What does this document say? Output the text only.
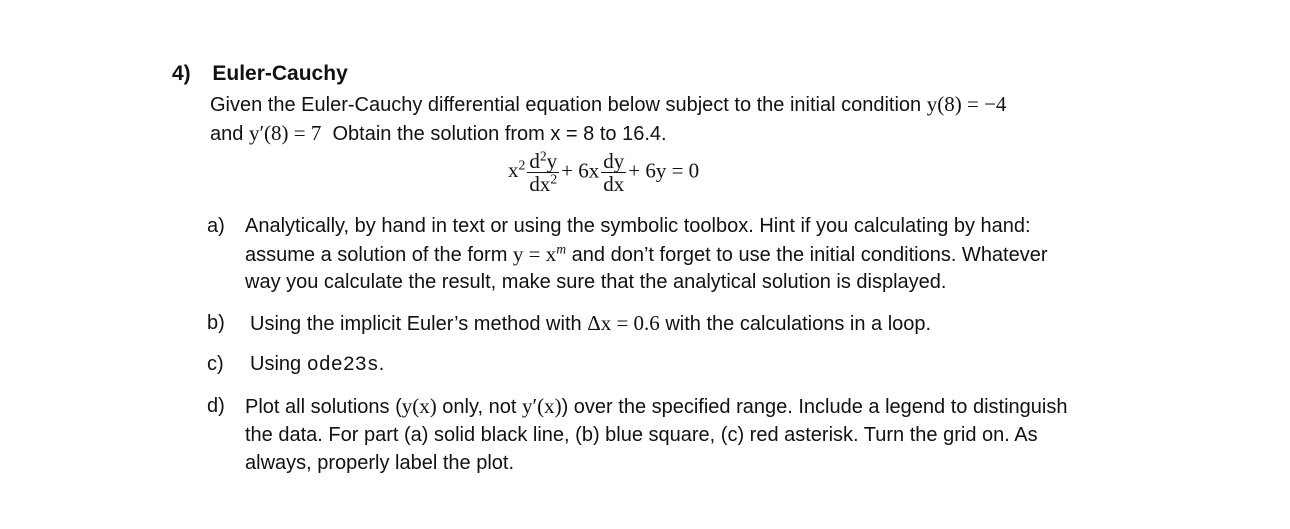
4) Euler-Cauchy
Given the Euler-Cauchy differential equation below subject to the initial condition y(8) = −4
and y′(8) = 7  Obtain the solution from x = 8 to 16.4.
$x^2 \frac{d^2y}{dx^2} + 6x \frac{dy}{dx} + 6y = 0$
a) Analytically, by hand in text or using the symbolic toolbox. Hint if you calculating by hand:
assume a solution of the form $y = x^m$ and don’t forget to use the initial conditions. Whatever
way you calculate the result, make sure that the analytical solution is displayed.
b) Using the implicit Euler’s method with Δx = 0.6 with the calculations in a loop.
c) Using ode23s.
d) Plot all solutions (y(x) only, not y′(x)) over the specified range. Include a legend to distinguish
the data. For part (a) solid black line, (b) blue square, (c) red asterisk. Turn the grid on. As
always, properly label the plot.
